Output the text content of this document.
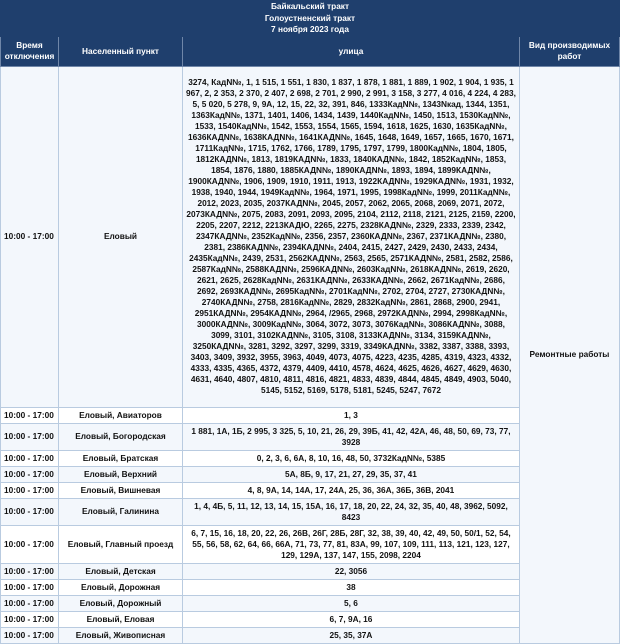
Байкальский тракт
Голоустненский тракт
7 ноября 2023 года			

Время отключения	Населенный пункт	улица	Вид производимых работ
10:00 - 17:00	Еловый	3274, КадN№, 1, 1 515, 1 551, 1 830, 1 837, 1 878, 1 881, 1 889, 1 902, 1 904, 1 935, 1 967, 2, 2 353, 2 370, 2 407, 2 698, 2 701, 2 990, 2 991, 3 158, 3 277, 4 016, 4 224, 4 283, 5, 5 020, 5 278, 9, 9А, 12, 15, 22, 32, 391, 846, 1333КадN№, 1343Nкад, 1344, 1351, 1363КадN№, 1371, 1401, 1406, 1434, 1439, 1440КадN№, 1450, 1513, 1530КадN№, 1533, 1540КадN№, 1542, 1553, 1554, 1565, 1594, 1618, 1625, 1630, 1635КадN№, 1636КАДN№, 1638КАДN№, 1641КАДN№, 1645, 1648, 1649, 1657, 1665, 1670, 1671, 1711КадN№, 1715, 1762, 1766, 1789, 1795, 1797, 1799, 1800КадN№, 1804, 1805, 1812КАДN№, 1813, 1819КАДN№, 1833, 1840КАДN№, 1842, 1852КадN№, 1853, 1854, 1876, 1880, 1885КАДN№, 1890КАДN№, 1893, 1894, 1899КАДN№, 1900КАДN№, 1906, 1909, 1910, 1911, 1913, 1922КАДN№, 1929КАДN№, 1931, 1932, 1938, 1940, 1944, 1949КадN№, 1964, 1971, 1995, 1998КадN№, 1999, 2011КадN№, 2012, 2023, 2035, 2037КАДN№, 2045, 2057, 2062, 2065, 2068, 2069, 2071, 2072, 2073КАДN№, 2075, 2083, 2091, 2093, 2095, 2104, 2112, 2118, 2121, 2125, 2159, 2200, 2205, 2207, 2212, 2213КАДЮ, 2265, 2275, 2328КАДN№, 2329, 2333, 2339, 2342, 2347КАДN№, 2352КадN№, 2356, 2357, 2360КАДN№, 2367, 2371КАДN№, 2380, 2381, 2386КАДN№, 2394КАДN№, 2404, 2415, 2427, 2429, 2430, 2433, 2434, 2435КадN№, 2439, 2531, 2562КАДN№, 2563, 2565, 2571КАДN№, 2581, 2582, 2586, 2587КадN№, 2588КАДN№, 2596КАДN№, 2603КадN№, 2618КАДN№, 2619, 2620, 2621, 2625, 2628КадN№, 2631КАДN№, 2633КАДN№, 2662, 2671КадN№, 2686, 2692, 2693КАДN№, 2695КадN№, 2701КадN№, 2702, 2704, 2727, 2730КАДN№, 2740КАДN№, 2758, 2816КадN№, 2829, 2832КадN№, 2861, 2868, 2900, 2941, 2951КАДN№, 2954КАДN№, 2964, /2965, 2968, 2972КАДN№, 2994, 2998КадN№, 3000КАДN№, 3009КадN№, 3064, 3072, 3073, 3076КадN№, 3086КАДN№, 3088, 3099, 3101, 3102КАДN№, 3105, 3108, 3133КАДN№, 3134, 3159КАДN№, 3250КАДN№, 3281, 3292, 3297, 3299, 3319, 3349КАДN№, 3382, 3387, 3388, 3393, 3403, 3409, 3932, 3955, 3963, 4049, 4073, 4075, 4223, 4235, 4285, 4319, 4323, 4332, 4333, 4335, 4365, 4372, 4379, 4409, 4410, 4578, 4624, 4625, 4626, 4627, 4629, 4630, 4631, 4640, 4807, 4810, 4811, 4816, 4821, 4833, 4839, 4844, 4845, 4849, 4903, 5040, 5145, 5152, 5169, 5178, 5181, 5245, 5247, 7672	Ремонтные работы
10:00 - 17:00	Еловый, Авиаторов	1, 3	
10:00 - 17:00	Еловый, Богородская	1 881, 1А, 1Б, 2 995, 3 325, 5, 10, 21, 26, 29, 39Б, 41, 42, 42А, 46, 48, 50, 69, 73, 77, 3928	
10:00 - 17:00	Еловый, Братская	0, 2, 3, 6, 6А, 8, 10, 16, 48, 50, 3732КадN№, 5385	
10:00 - 17:00	Еловый, Верхний	5А, 8Б, 9, 17, 21, 27, 29, 35, 37, 41	
10:00 - 17:00	Еловый, Вишневая	4, 8, 9А, 14, 14А, 17, 24А, 25, 36, 36А, 36Б, 36В, 2041	
10:00 - 17:00	Еловый, Галинина	1, 4, 4Б, 5, 11, 12, 13, 14, 15, 15А, 16, 17, 18, 20, 22, 24, 32, 35, 40, 48, 3962, 5092, 8423	
10:00 - 17:00	Еловый, Главный проезд	6, 7, 15, 16, 18, 20, 22, 26, 26В, 26Г, 28Б, 28Г, 32, 38, 39, 40, 42, 49, 50, 50/1, 52, 54, 55, 56, 58, 62, 64, 66, 66А, 71, 73, 77, 81, 83А, 99, 107, 109, 111, 113, 121, 123, 127, 129, 129А, 137, 147, 155, 2098, 2204	
10:00 - 17:00	Еловый, Детская	22, 3056	
10:00 - 17:00	Еловый, Дорожная	38	
10:00 - 17:00	Еловый, Дорожный	5, 6	
10:00 - 17:00	Еловый, Еловая	6, 7, 9А, 16	
10:00 - 17:00	Еловый, Живописная	25, 35, 37А	
